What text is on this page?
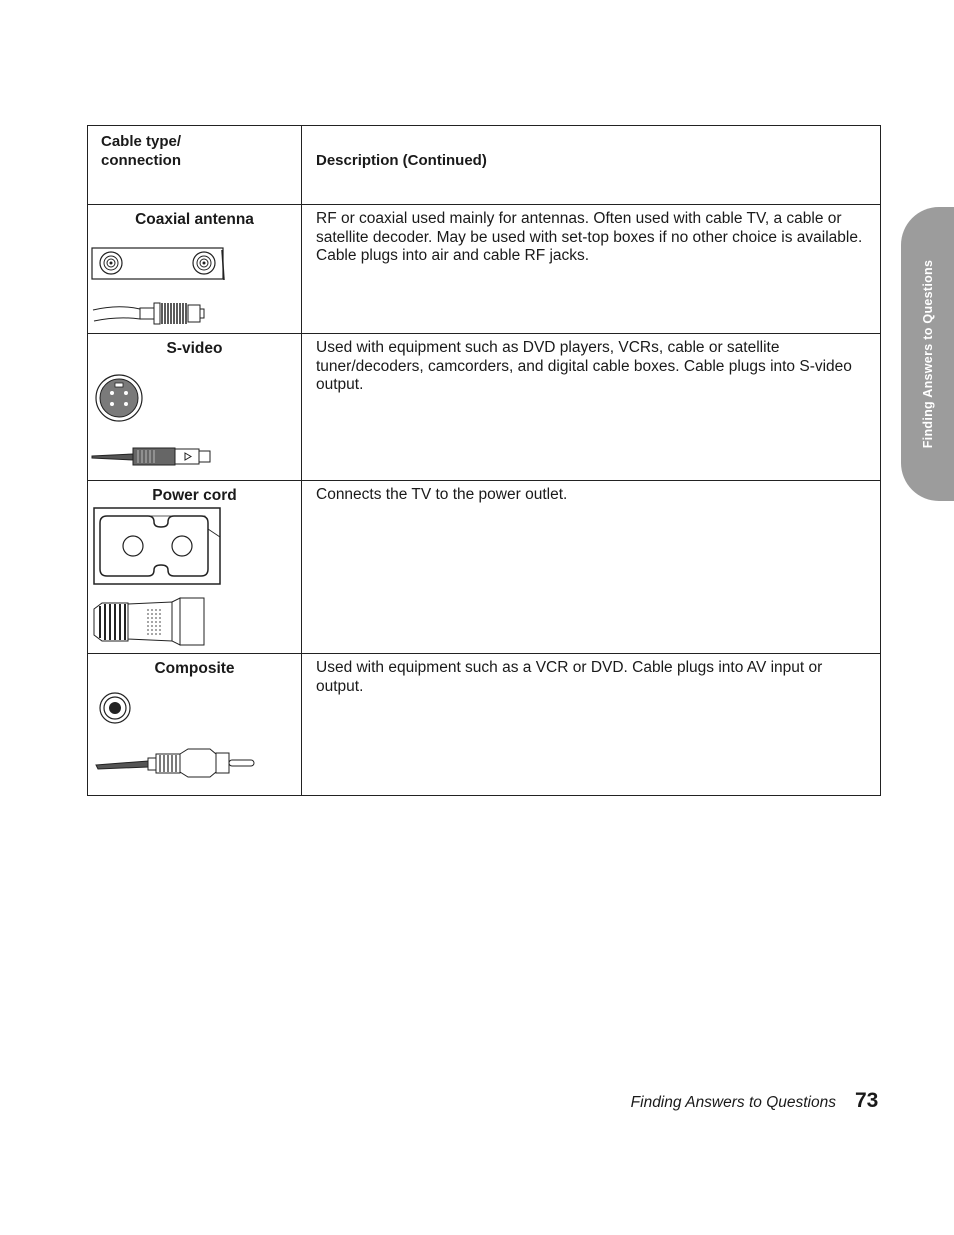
Cable type/
connection	Description (Continued)

Coaxial antenna	RF or coaxial used mainly for antennas. Often used with cable TV, a cable or satellite decoder. May be used with set-top boxes if no other choice is available. Cable plugs into air and cable RF jacks.

S-video	Used with equipment such as DVD players, VCRs, cable or satellite tuner/decoders, camcorders, and digital cable boxes. Cable plugs into S-video output.

Power cord	Connects the TV to the power outlet.

Composite	Used with equipment such as a VCR or DVD. Cable plugs into AV input or output.
Finding Answers to Questions
Finding Answers to Questions 73
